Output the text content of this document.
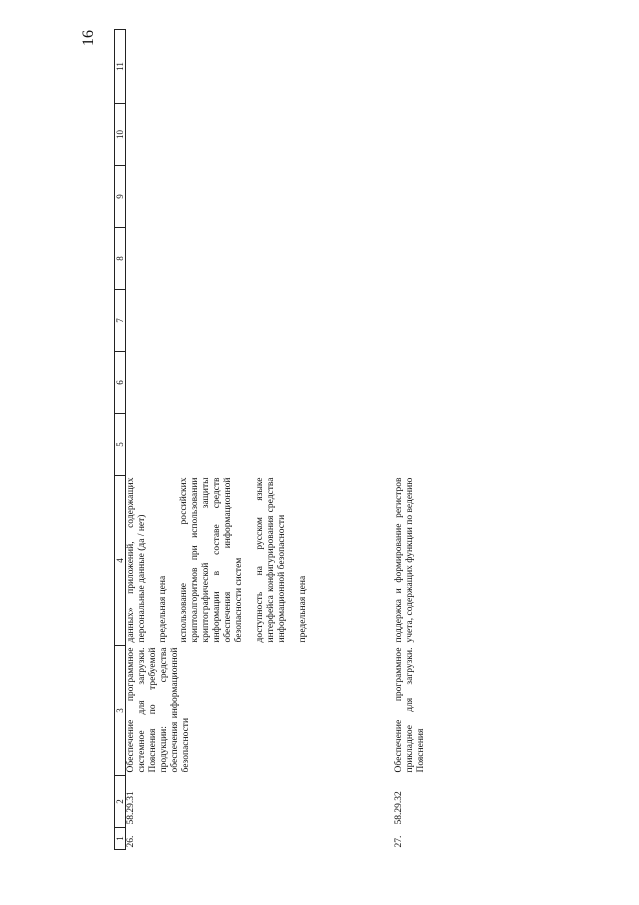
16
1	2	3	4	5	6	7	8	9	10	11
26.	58.29.31	Обеспечение программное системное для загрузки. Пояснения по требуемой продукции: средства обеспечения информационной безопасности	данных» приложений, содержащих персональные данные (да / нет) предельная цена использование российских криптоалгоритмов при использовании криптографической защиты информации в составе средств обеспечения информационной безопасности систем доступность на русском языке интерфейса конфигурирования средства информационной безопасности предельная цена							

27.	58.29.32	Обеспечение программное прикладное для загрузки. Пояснения	поддержка и формирование регистров учета, содержащих функции по ведению							
